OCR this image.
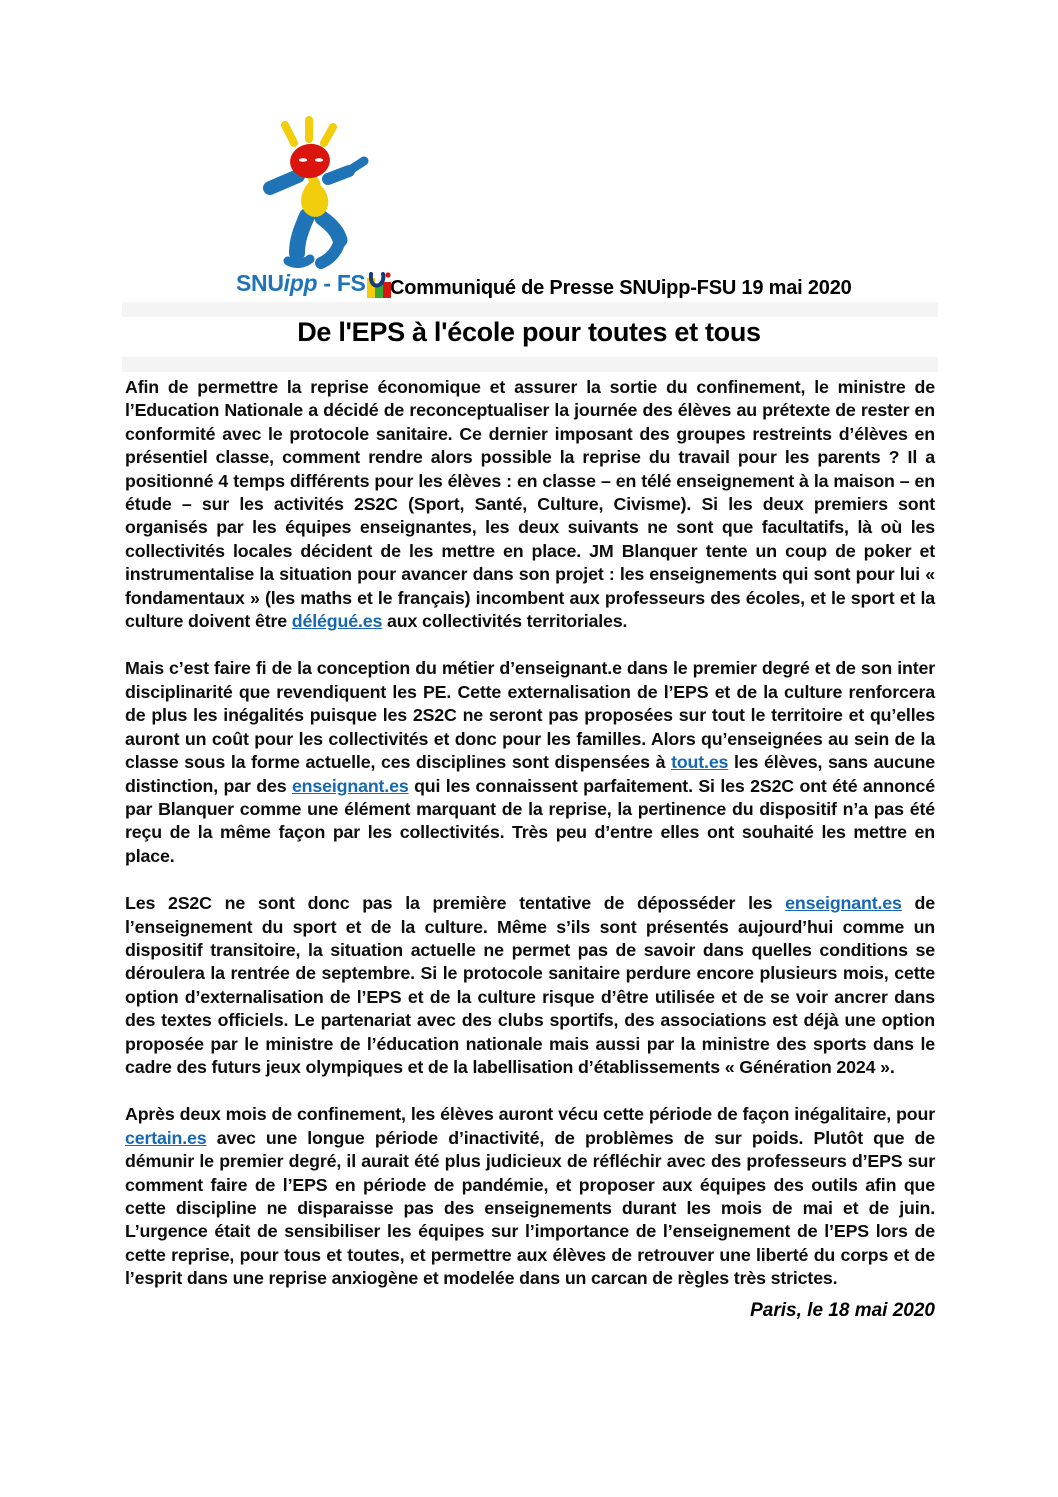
SNU ipp - FS Communiqué de Presse SNUipp-FSU 19 mai 2020
De l'EPS à l'école pour toutes et tous

Afin de permettre la reprise économique et assurer la sortie du confinement, le ministre de l’Education Nationale a décidé de reconceptualiser la journée des élèves au prétexte de rester en conformité avec le protocole sanitaire. Ce dernier imposant des groupes restreints d’élèves en présentiel classe, comment rendre alors possible la reprise du travail pour les parents ? Il a positionné 4 temps différents pour les élèves : en classe – en télé enseignement à la maison – en étude – sur les activités 2S2C (Sport, Santé, Culture, Civisme). Si les deux premiers sont organisés par les équipes enseignantes, les deux suivants ne sont que facultatifs, là où les collectivités locales décident de les mettre en place. JM Blanquer tente un coup de poker et instrumentalise la situation pour avancer dans son projet : les enseignements qui sont pour lui « fondamentaux » (les maths et le français) incombent aux professeurs des écoles, et le sport et la culture doivent être délégué.es aux collectivités territoriales.

Mais c’est faire fi de la conception du métier d’enseignant.e dans le premier degré et de son inter disciplinarité que revendiquent les PE. Cette externalisation de l’EPS et de la culture renforcera de plus les inégalités puisque les 2S2C ne seront pas proposées sur tout le territoire et qu’elles auront un coût pour les collectivités et donc pour les familles. Alors qu’enseignées au sein de la classe sous la forme actuelle, ces disciplines sont dispensées à tout.es les élèves, sans aucune distinction, par des enseignant.es qui les connaissent parfaitement. Si les 2S2C ont été annoncé par Blanquer comme une élément marquant de la reprise, la pertinence du dispositif n’a pas été reçu de la même façon par les collectivités. Très peu d’entre elles ont souhaité les mettre en place.

Les 2S2C ne sont donc pas la première tentative de déposséder les enseignant.es de l’enseignement du sport et de la culture. Même s’ils sont présentés aujourd’hui comme un dispositif transitoire, la situation actuelle ne permet pas de savoir dans quelles conditions se déroulera la rentrée de septembre. Si le protocole sanitaire perdure encore plusieurs mois, cette option d’externalisation de l’EPS et de la culture risque d’être utilisée et de se voir ancrer dans des textes officiels. Le partenariat avec des clubs sportifs, des associations est déjà une option proposée par le ministre de l’éducation nationale mais aussi par la ministre des sports dans le cadre des futurs jeux olympiques et de la labellisation d’établissements « Génération 2024 ».

Après deux mois de confinement, les élèves auront vécu cette période de façon inégalitaire, pour certain.es avec une longue période d’inactivité, de problèmes de sur poids. Plutôt que de démunir le premier degré, il aurait été plus judicieux de réfléchir avec des professeurs d’EPS sur comment faire de l’EPS en période de pandémie, et proposer aux équipes des outils afin que cette discipline ne disparaisse pas des enseignements durant les mois de mai et de juin. L’urgence était de sensibiliser les équipes sur l’importance de l’enseignement de l’EPS lors de cette reprise, pour tous et toutes, et permettre aux élèves de retrouver une liberté du corps et de l’esprit dans une reprise anxiogène et modelée dans un carcan de règles très strictes.

Paris, le 18 mai 2020
